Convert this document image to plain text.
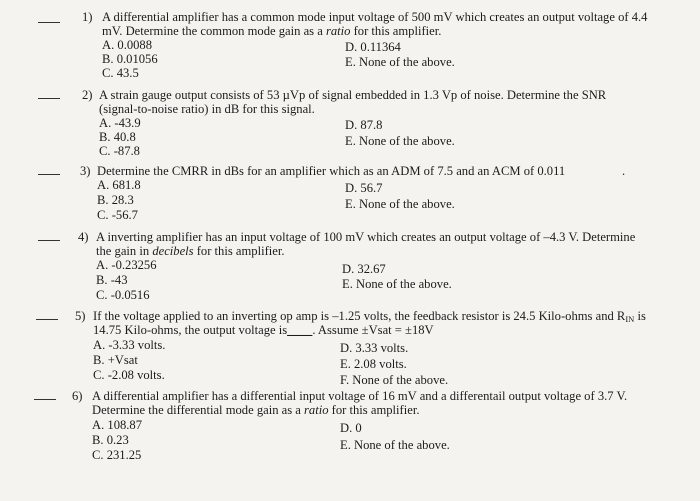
1) A differential amplifier has a common mode input voltage of 500 mV which creates an output voltage of 4.4
mV. Determine the common mode gain as a ratio for this amplifier.
A. 0.0088
B. 0.01056
C. 43.5
D. 0.11364
E. None of the above.
2) A strain gauge output consists of 53 µVp of signal embedded in 1.3 Vp of noise. Determine the SNR
(signal-to-noise ratio) in dB for this signal.
A. -43.9
B. 40.8
C. -87.8
D. 87.8
E. None of the above.
3) Determine the CMRR in dBs for an amplifier which as an ADM of 7.5 and an ACM of 0.011	.
A. 681.8
B. 28.3
C. -56.7
D. 56.7
E. None of the above.
4) A inverting amplifier has an input voltage of 100 mV which creates an output voltage of –4.3 V. Determine
the gain in decibels for this amplifier.
A. -0.23256
B. -43
C. -0.0516
D. 32.67
E. None of the above.
5) If the voltage applied to an inverting op amp is –1.25 volts, the feedback resistor is 24.5 Kilo-ohms and RIN is
14.75 Kilo-ohms, the output voltage is____. Assume ±Vsat = ±18V
A. -3.33 volts.
B. +Vsat
C. -2.08 volts.
D. 3.33 volts.
E. 2.08 volts.
F. None of the above.
6) A differential amplifier has a differential input voltage of 16 mV and a differentail output voltage of 3.7 V.
Determine the differential mode gain as a ratio for this amplifier.
A. 108.87
B. 0.23
C. 231.25
D. 0
E. None of the above.
